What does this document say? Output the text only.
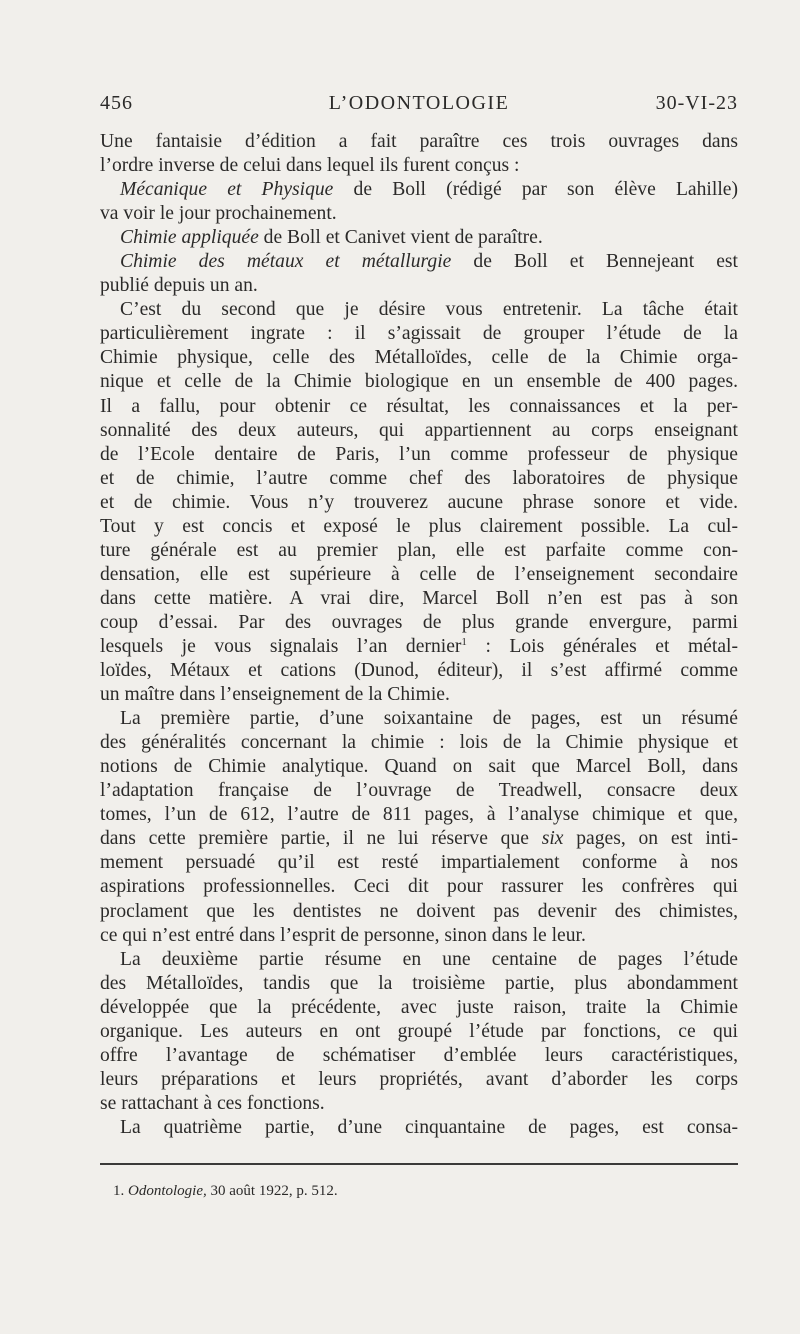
456	L’ODONTOLOGIE	30-VI-23
Une fantaisie d’édition a fait paraître ces trois ouvrages dans
l’ordre inverse de celui dans lequel ils furent conçus :
Mécanique et Physique de Boll (rédigé par son élève Lahille)
va voir le jour prochainement.
Chimie appliquée de Boll et Canivet vient de paraître.
Chimie des métaux et métallurgie de Boll et Bennejeant est
publié depuis un an.
C’est du second que je désire vous entretenir. La tâche était
particulièrement ingrate : il s’agissait de grouper l’étude de la
Chimie physique, celle des Métalloïdes, celle de la Chimie orga-
nique et celle de la Chimie biologique en un ensemble de 400 pages.
Il a fallu, pour obtenir ce résultat, les connaissances et la per-
sonnalité des deux auteurs, qui appartiennent au corps enseignant
de l’Ecole dentaire de Paris, l’un comme professeur de physique
et de chimie, l’autre comme chef des laboratoires de physique
et de chimie. Vous n’y trouverez aucune phrase sonore et vide.
Tout y est concis et exposé le plus clairement possible. La cul-
ture générale est au premier plan, elle est parfaite comme con-
densation, elle est supérieure à celle de l’enseignement secondaire
dans cette matière. A vrai dire, Marcel Boll n’en est pas à son
coup d’essai. Par des ouvrages de plus grande envergure, parmi
lesquels je vous signalais l’an dernier$^1$ : Lois générales et métal-
loïdes, Métaux et cations (Dunod, éditeur), il s’est affirmé comme
un maître dans l’enseignement de la Chimie.
La première partie, d’une soixantaine de pages, est un résumé
des généralités concernant la chimie : lois de la Chimie physique et
notions de Chimie analytique. Quand on sait que Marcel Boll, dans
l’adaptation française de l’ouvrage de Treadwell, consacre deux
tomes, l’un de 612, l’autre de 811 pages, à l’analyse chimique et que,
dans cette première partie, il ne lui réserve que six pages, on est inti-
mement persuadé qu’il est resté impartialement conforme à nos
aspirations professionnelles. Ceci dit pour rassurer les confrères qui
proclament que les dentistes ne doivent pas devenir des chimistes,
ce qui n’est entré dans l’esprit de personne, sinon dans le leur.
La deuxième partie résume en une centaine de pages l’étude
des Métalloïdes, tandis que la troisième partie, plus abondamment
développée que la précédente, avec juste raison, traite la Chimie
organique. Les auteurs en ont groupé l’étude par fonctions, ce qui
offre l’avantage de schématiser d’emblée leurs caractéristiques,
leurs préparations et leurs propriétés, avant d’aborder les corps
se rattachant à ces fonctions.
La quatrième partie, d’une cinquantaine de pages, est consa-
1. Odontologie, 30 août 1922, p. 512.
